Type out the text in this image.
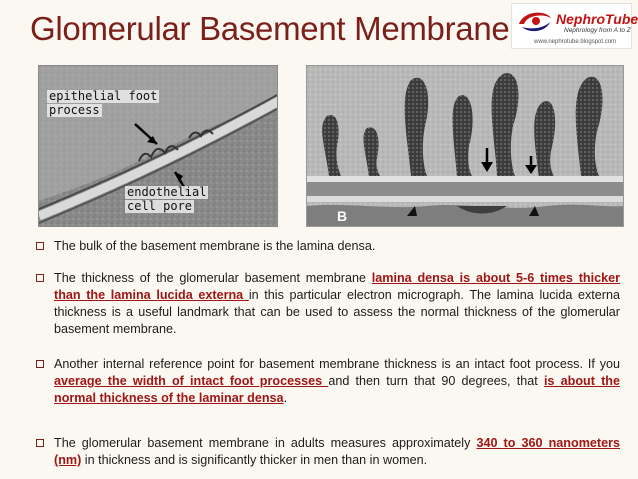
Glomerular Basement Membrane	NephroTube
Nephrology from A to Z
www.nephrotube.blogspot.com
epithelial foot
process
endothelial
cell pore
B
The bulk of the basement membrane is the lamina densa.
The thickness of the glomerular basement membrane lamina densa is about 5-6 times thicker than the lamina lucida externa in this particular electron micrograph. The lamina lucida externa thickness is a useful landmark that can be used to assess the normal thickness of the glomerular basement membrane.
Another internal reference point for basement membrane thickness is an intact foot process. If you average the width of intact foot processes and then turn that 90 degrees, that is about the normal thickness of the laminar densa.
The glomerular basement membrane in adults measures approximately 340 to 360 nanometers (nm) in thickness and is significantly thicker in men than in women.
